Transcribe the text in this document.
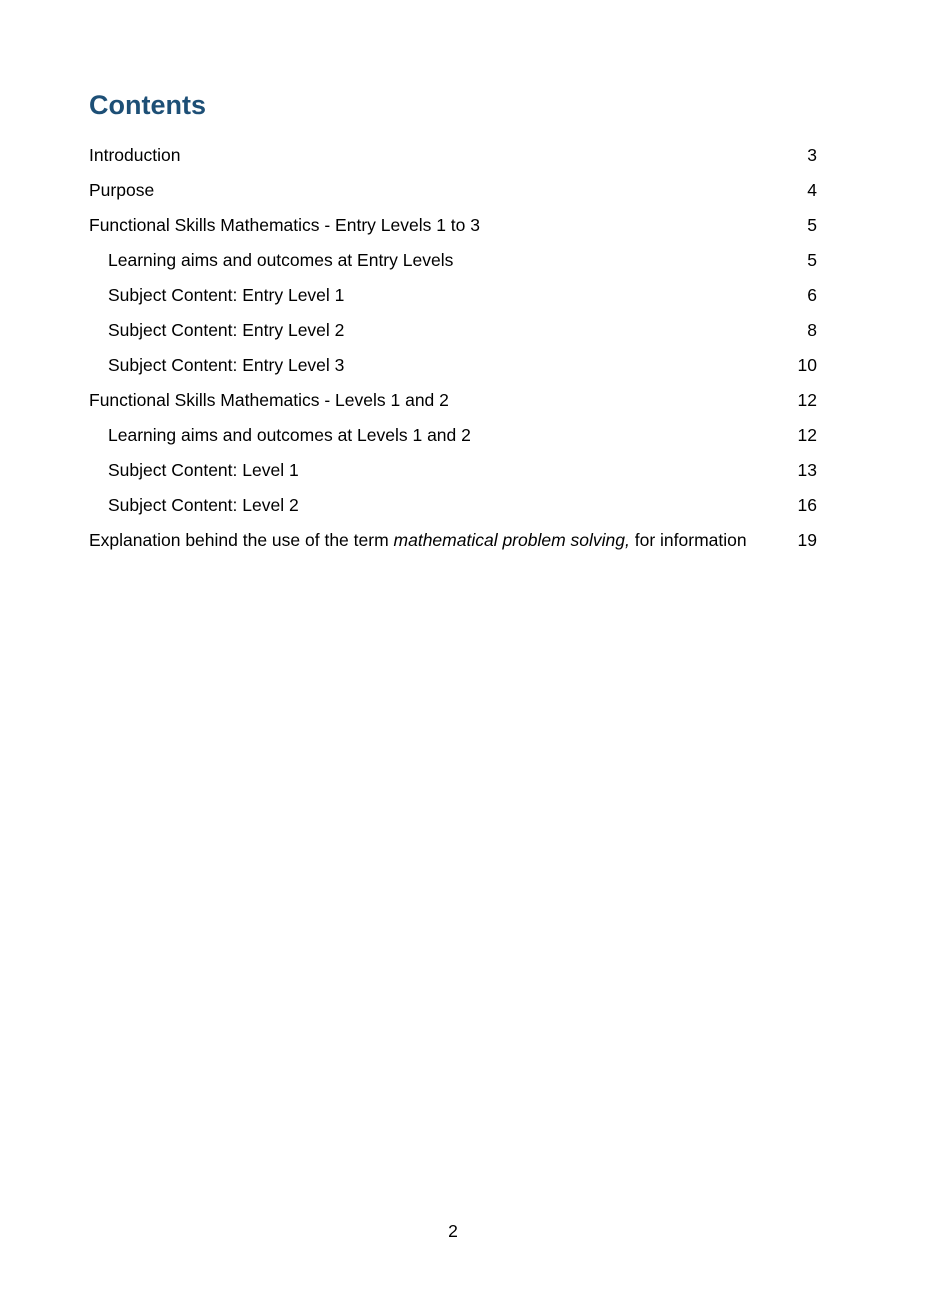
Contents
Introduction	3
Purpose	4
Functional Skills Mathematics - Entry Levels 1 to 3	5
Learning aims and outcomes at Entry Levels	5
Subject Content: Entry Level 1	6
Subject Content: Entry Level 2	8
Subject Content: Entry Level 3	10
Functional Skills Mathematics - Levels 1 and 2	12
Learning aims and outcomes at Levels 1 and 2	12
Subject Content: Level 1	13
Subject Content: Level 2	16
Explanation behind the use of the term mathematical problem solving, for information	19
2
